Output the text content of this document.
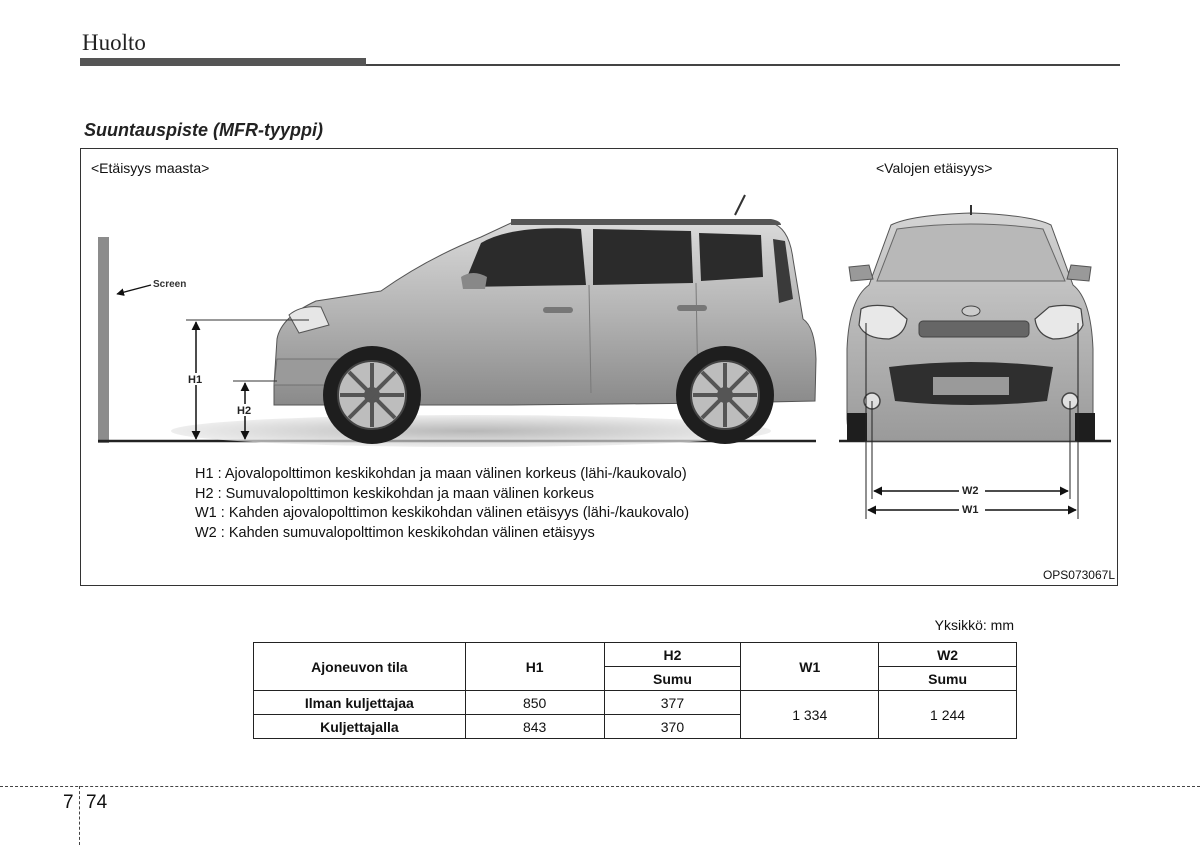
Huolto
Suuntauspiste (MFR-tyyppi)
Screen
H1
H2
W2
W1
<Etäisyys maasta>	<Valojen etäisyys>
H1 : Ajovalopolttimon keskikohdan ja maan välinen korkeus (lähi-/kaukovalo)
H2 : Sumuvalopolttimon keskikohdan ja maan välinen korkeus
W1 : Kahden ajovalopolttimon keskikohdan välinen etäisyys (lähi-/kaukovalo)
W2 : Kahden sumuvalopolttimon keskikohdan välinen etäisyys
OPS073067L
Yksikkö: mm
Ajoneuvon tila	H1	H2	W1	W2
		Sumu		Sumu
Ilman kuljettajaa	850	377	1 334	1 244
Kuljettajalla	843	370		
7 74
